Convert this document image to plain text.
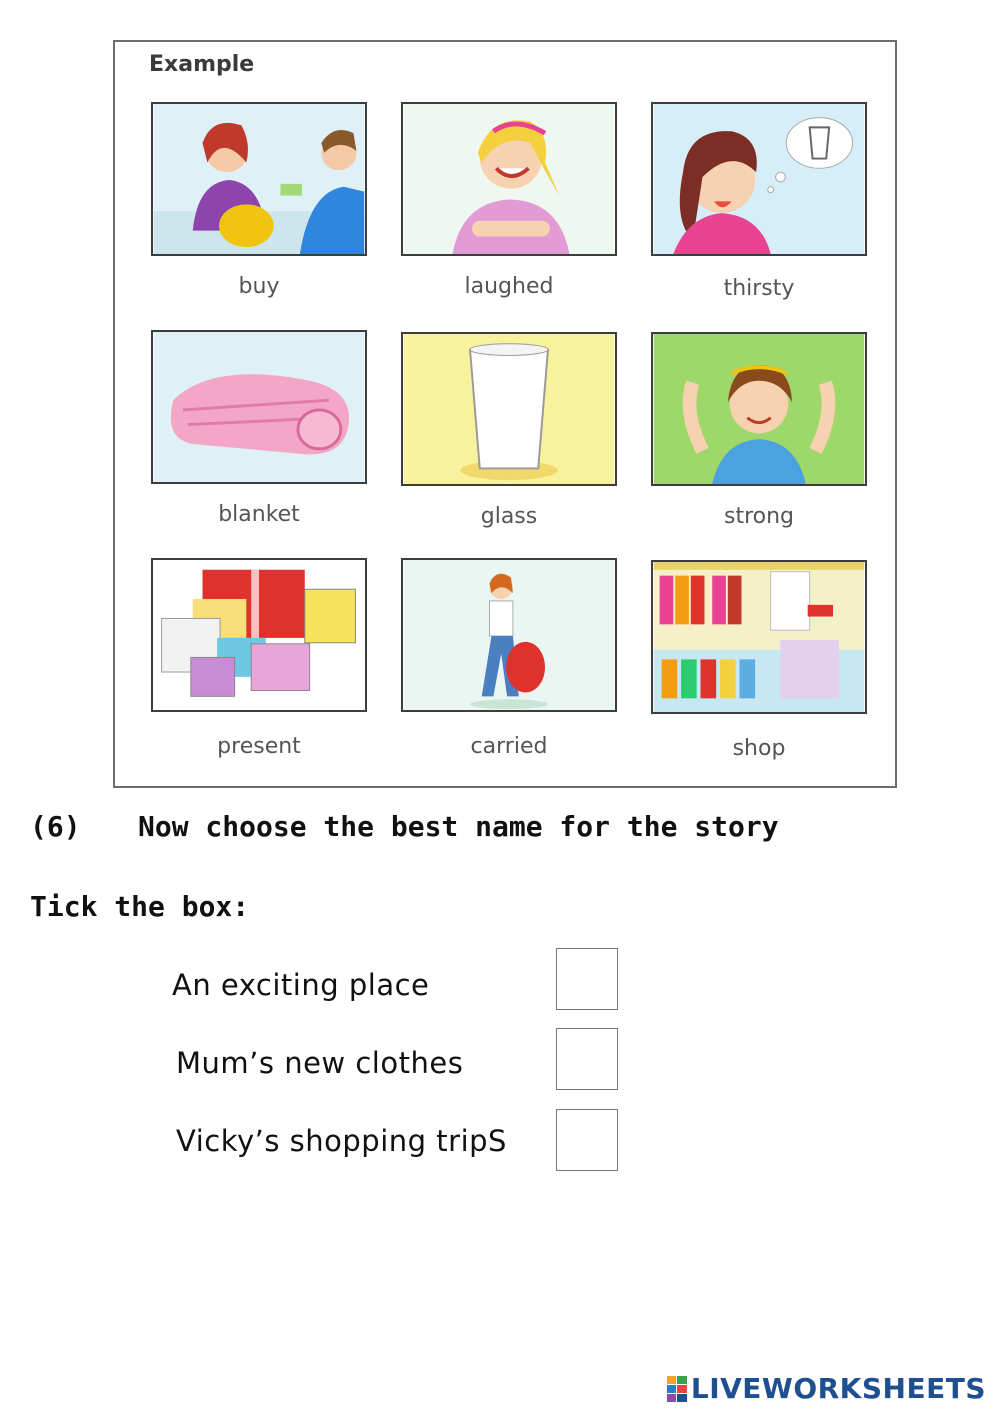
Example
buy	laughed	thirsty
blanket	glass	strong
present	carried	shop
(6) Now choose the best name for the story
Tick the box:
An exciting place
Mum’s new clothes
Vicky’s shopping tripS
LIVEWORKSHEETS
